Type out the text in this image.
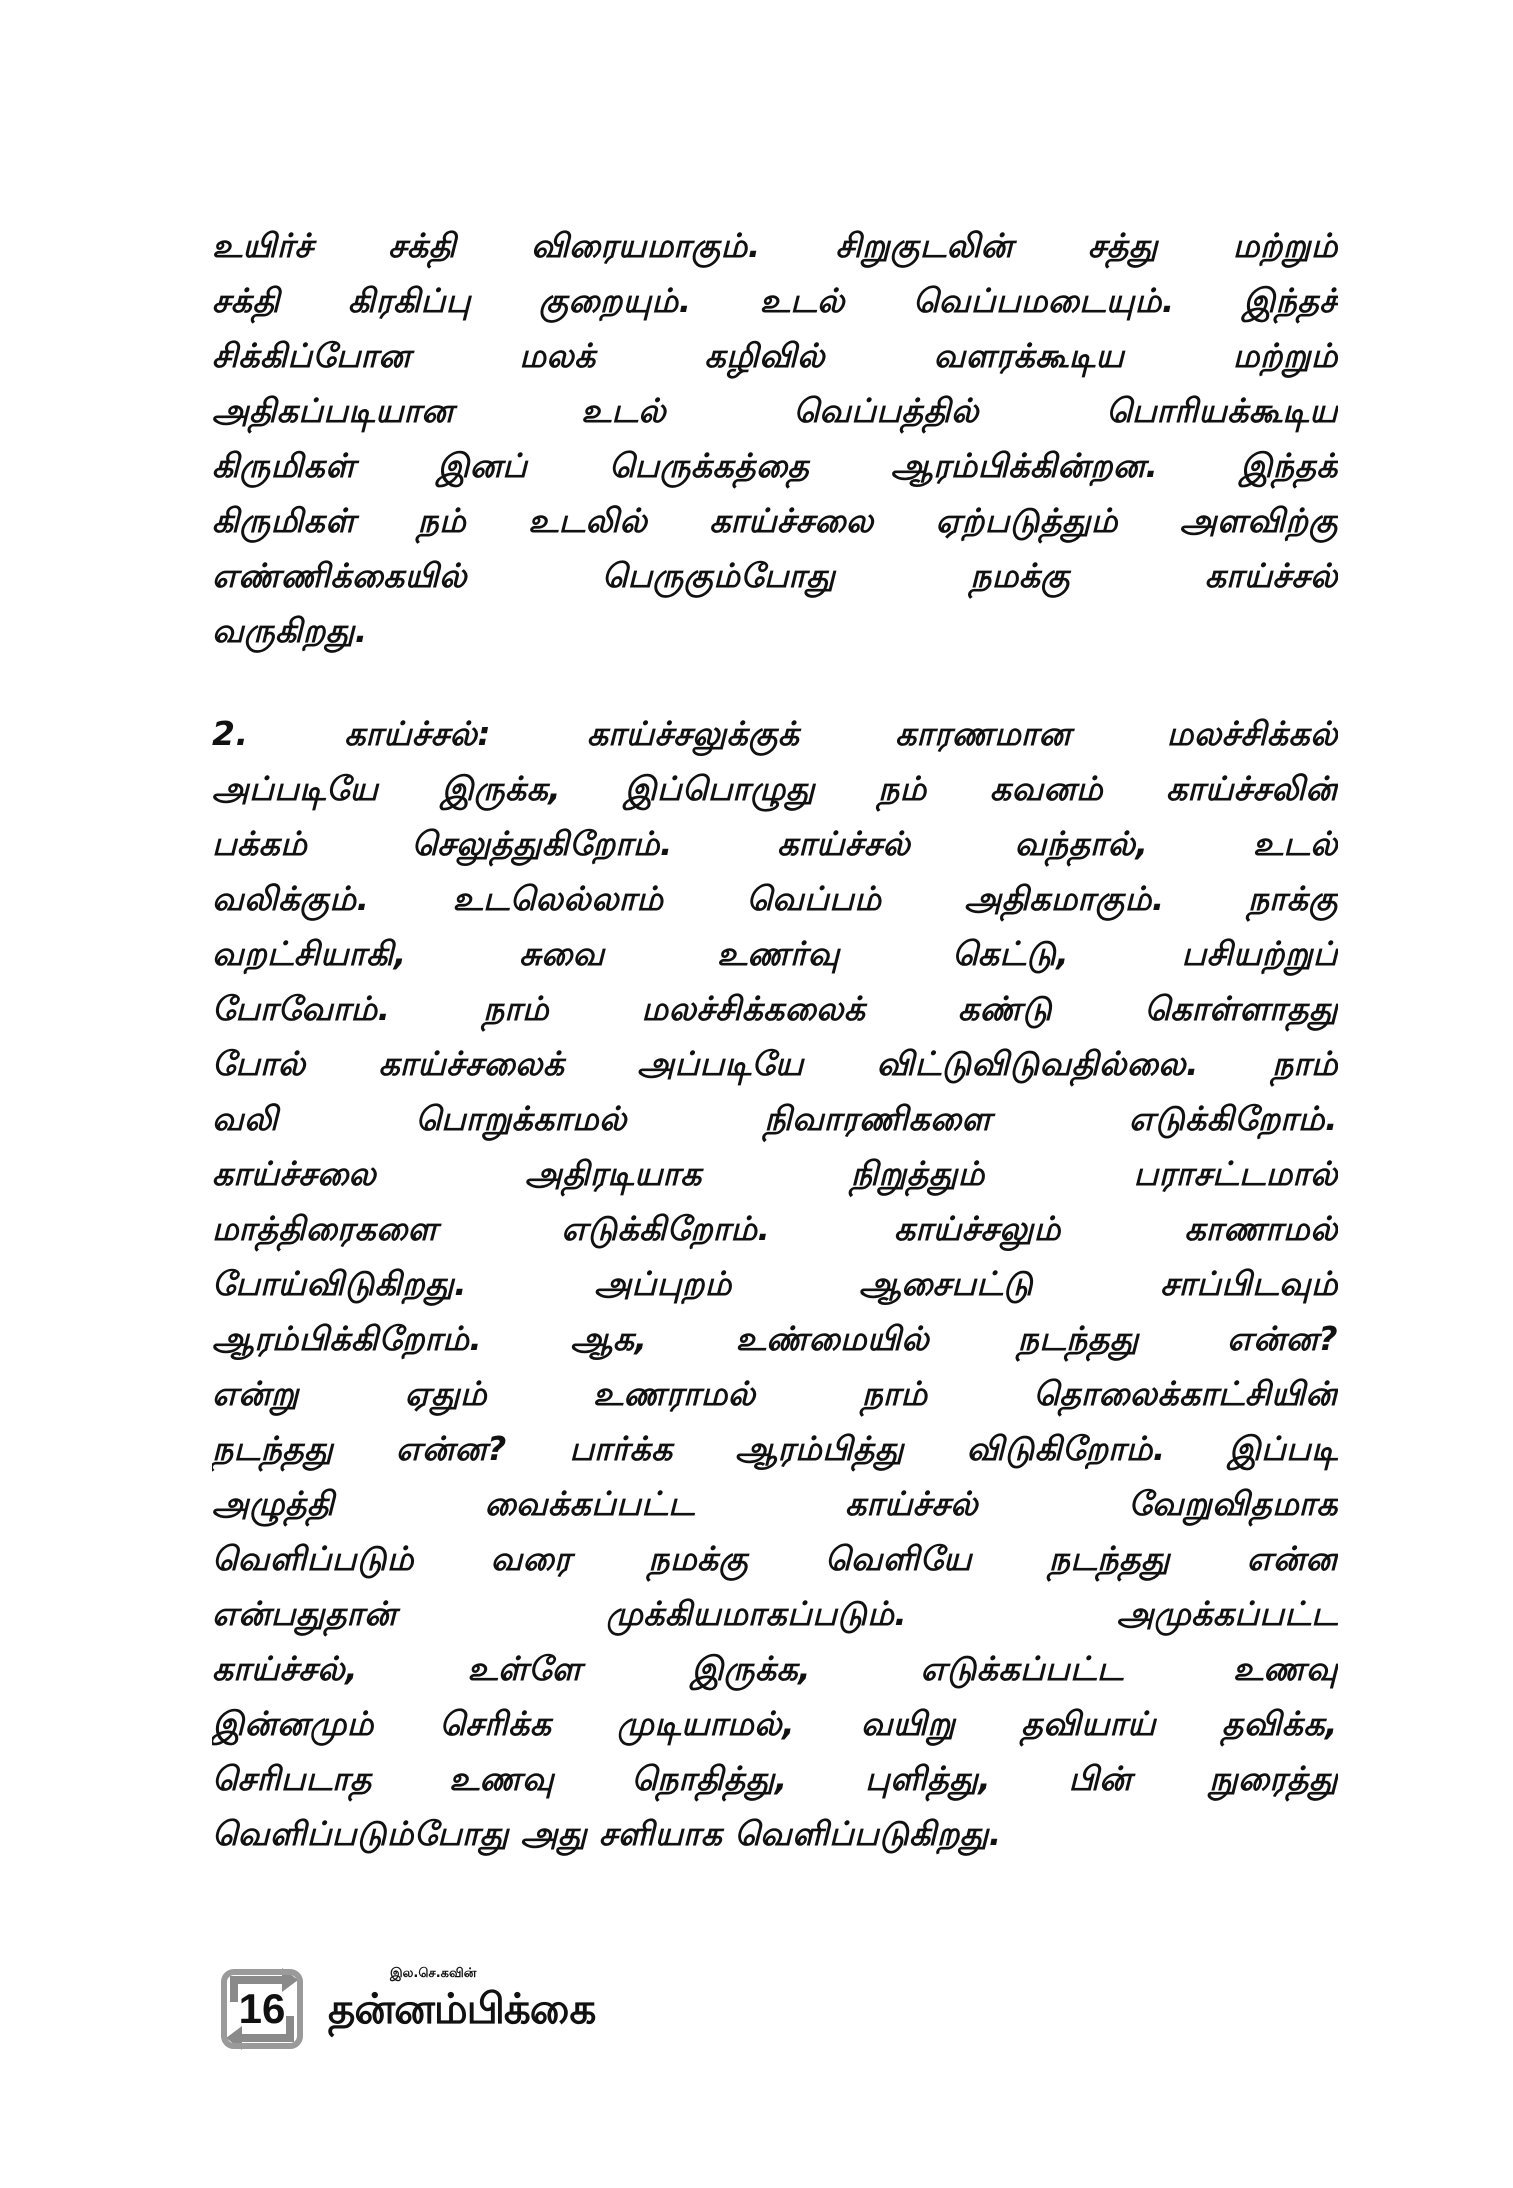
உயிர்ச் சக்தி விரையமாகும். சிறுகுடலின் சத்து மற்றும்
சக்தி கிரகிப்பு குறையும். உடல் வெப்பமடையும். இந்தச்
சிக்கிப்போன மலக் கழிவில் வளரக்கூடிய மற்றும்
அதிகப்படியான உடல் வெப்பத்தில் பொரியக்கூடிய
கிருமிகள் இனப் பெருக்கத்தை ஆரம்பிக்கின்றன. இந்தக்
கிருமிகள் நம் உடலில் காய்ச்சலை ஏற்படுத்தும் அளவிற்கு
எண்ணிக்கையில் பெருகும்போது நமக்கு காய்ச்சல்
வருகிறது.
2. காய்ச்சல்:	காய்ச்சலுக்குக் காரணமான மலச்சிக்கல்
அப்படியே இருக்க, இப்பொழுது நம் கவனம் காய்ச்சலின்
பக்கம் செலுத்துகிறோம். காய்ச்சல் வந்தால், உடல்
வலிக்கும். உடலெல்லாம் வெப்பம் அதிகமாகும். நாக்கு
வறட்சியாகி, சுவை உணர்வு கெட்டு, பசியற்றுப்
போவோம். நாம் மலச்சிக்கலைக் கண்டு கொள்ளாதது
போல் காய்ச்சலைக் அப்படியே விட்டுவிடுவதில்லை. நாம்
வலி பொறுக்காமல் நிவாரணிகளை எடுக்கிறோம்.
காய்ச்சலை அதிரடியாக நிறுத்தும் பராசட்டமால்
மாத்திரைகளை எடுக்கிறோம். காய்ச்சலும் காணாமல்
போய்விடுகிறது. அப்புறம் ஆசைபட்டு சாப்பிடவும்
ஆரம்பிக்கிறோம். ஆக, உண்மையில் நடந்தது என்ன?
என்று ஏதும் உணராமல் நாம் தொலைக்காட்சியின்
நடந்தது என்ன? பார்க்க ஆரம்பித்து விடுகிறோம். இப்படி
அழுத்தி வைக்கப்பட்ட காய்ச்சல் வேறுவிதமாக
வெளிப்படும் வரை நமக்கு வெளியே நடந்தது என்ன
என்பதுதான் முக்கியமாகப்படும். அமுக்கப்பட்ட
காய்ச்சல், உள்ளே இருக்க, எடுக்கப்பட்ட உணவு
இன்னமும் செரிக்க முடியாமல், வயிறு தவியாய் தவிக்க,
செரிபடாத உணவு நொதித்து, புளித்து, பின் நுரைத்து
வெளிப்படும்போது அது சளியாக வெளிப்படுகிறது.
16
இல.செ.கவின்
தன்னம்பிக்கை
